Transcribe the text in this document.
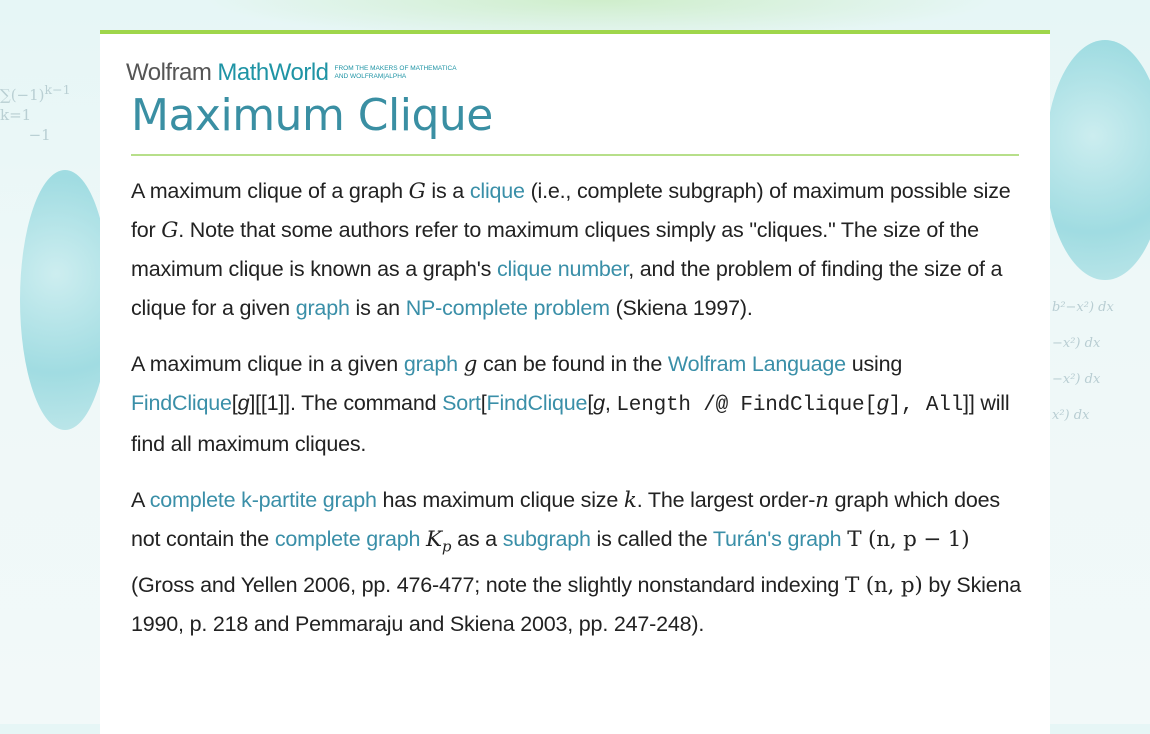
$\sum(-1)^{k-1}$
k=1
−1
b²−x²) dx
−x²) dx
−x²) dx
x²) dx
Wolfram MathWorld FROM THE MAKERS OF MATHEMATICA
AND WOLFRAM|ALPHA
Maximum Clique

A maximum clique of a graph G is a clique (i.e., complete subgraph) of maximum possible size for G. Note that some authors refer to maximum cliques simply as "cliques." The size of the maximum clique is known as a graph's clique number, and the problem of finding the size of a clique for a given graph is an NP-complete problem (Skiena 1997).

A maximum clique in a given graph g can be found in the Wolfram Language using FindClique[g][[1]]. The command Sort[FindClique[g, Length /@ FindClique[g], All]] will find all maximum cliques.

A complete k-partite graph has maximum clique size k. The largest order-n graph which does not contain the complete graph $K_p$ as a subgraph is called the Turán's graph T (n, p − 1) (Gross and Yellen 2006, pp. 476-477; note the slightly nonstandard indexing T (n, p) by Skiena 1990, p. 218 and Pemmaraju and Skiena 2003, pp. 247-248).
